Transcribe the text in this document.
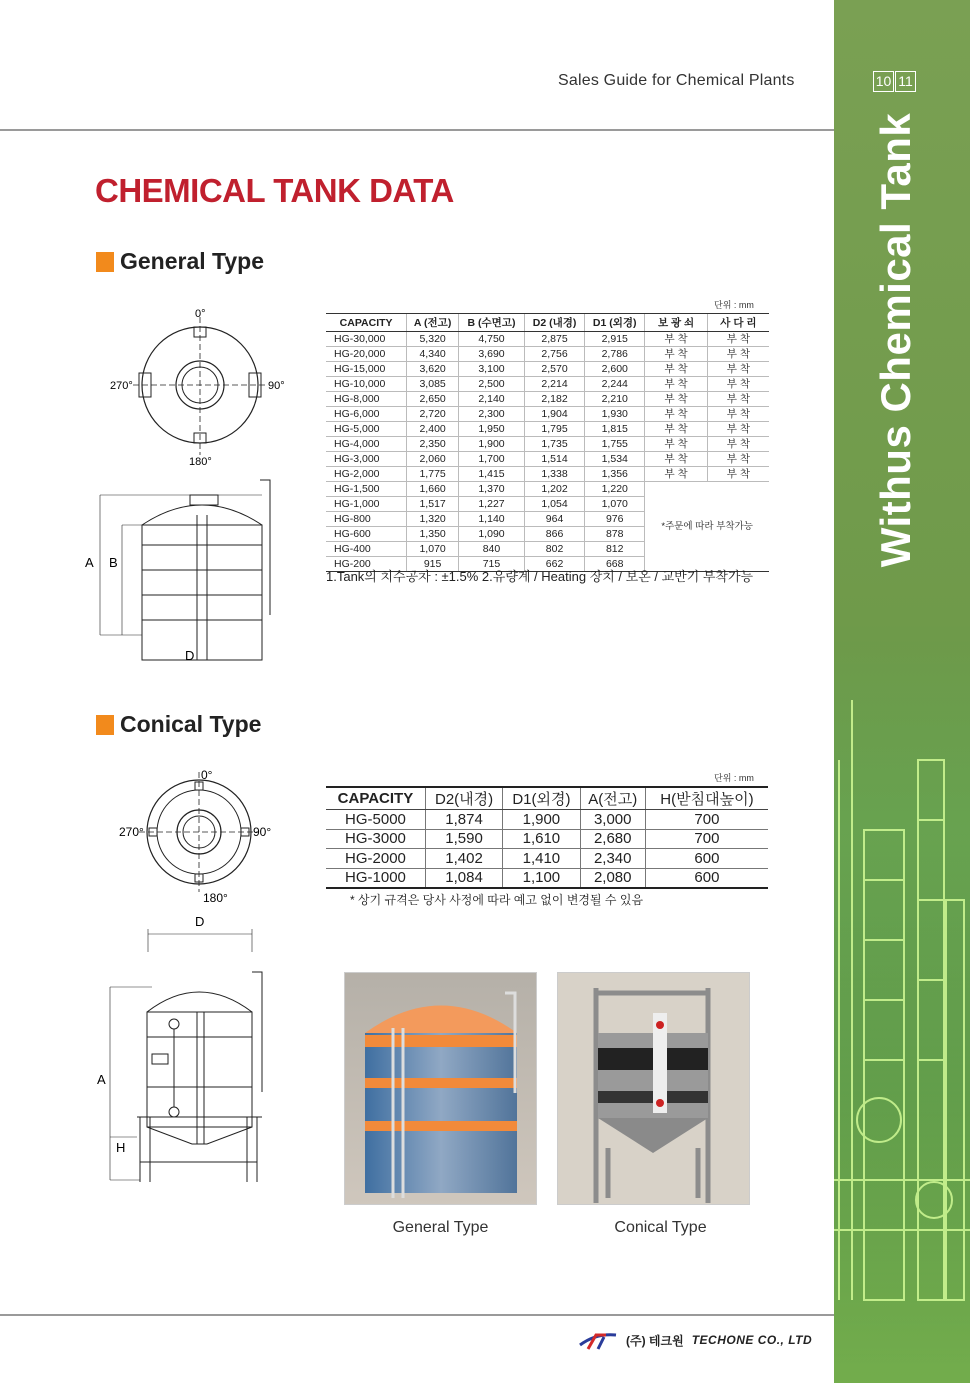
Sales Guide for Chemical Plants	10 11
Withus Chemical Tank
CHEMICAL TANK DATA
General Type
0°
90°
180°
270°
A B
D
단위 : mm
CAPACITY	A (전고)	B (수면고)	D2 (내경)	D1 (외경)	보 광 쇠	사 다 리
HG-30,000	5,320	4,750	2,875	2,915	부 착	부 착
HG-20,000	4,340	3,690	2,756	2,786	부 착	부 착
HG-15,000	3,620	3,100	2,570	2,600	부 착	부 착
HG-10,000	3,085	2,500	2,214	2,244	부 착	부 착
HG-8,000	2,650	2,140	2,182	2,210	부 착	부 착
HG-6,000	2,720	2,300	1,904	1,930	부 착	부 착
HG-5,000	2,400	1,950	1,795	1,815	부 착	부 착
HG-4,000	2,350	1,900	1,735	1,755	부 착	부 착
HG-3,000	2,060	1,700	1,514	1,534	부 착	부 착
HG-2,000	1,775	1,415	1,338	1,356	부 착	부 착
HG-1,500	1,660	1,370	1,202	1,220	*주문에 따라 부착가능	
HG-1,000	1,517	1,227	1,054	1,070		
HG-800	1,320	1,140	964	976		
HG-600	1,350	1,090	866	878		
HG-400	1,070	840	802	812		
HG-200	915	715	662	668		
1.Tank의 치수공차 : ±1.5% 2.유량계 / Heating 장치 / 보온 / 교반기 부착가능
Conical Type
0°
90°
180°
270°
D
A
H
단위 : mm
CAPACITY	D2(내경)	D1(외경)	A(전고)	H(받침대높이)
HG-5000	1,874	1,900	3,000	700
HG-3000	1,590	1,610	2,680	700
HG-2000	1,402	1,410	2,340	600
HG-1000	1,084	1,100	2,080	600
* 상기 규격은 당사 사정에 따라 예고 없이 변경될 수 있음
General Type	Conical Type
(주) 테크원 TECHONE CO., LTD
